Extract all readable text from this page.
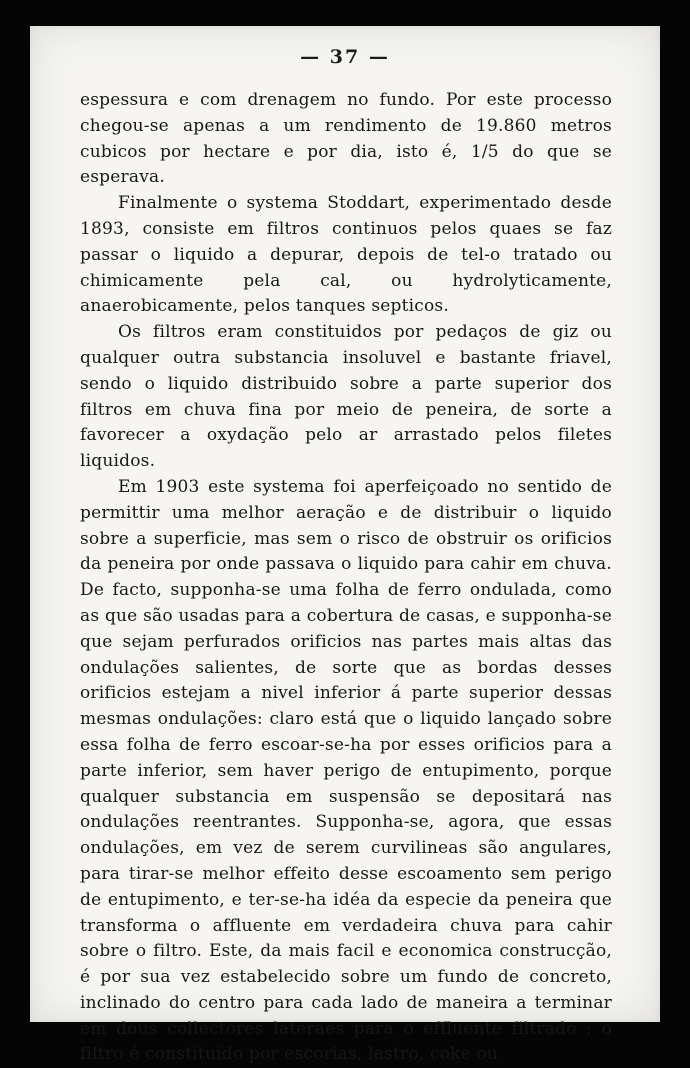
— 37 —

espessura e com drenagem no fundo. Por este processo chegou-se apenas a um rendimento de 19.860 metros cubicos por hectare e por dia, isto é, 1/5 do que se esperava.

Finalmente o systema Stoddart, experimentado desde 1893, consiste em filtros continuos pelos quaes se faz passar o liquido a depurar, depois de tel-o tratado ou chimicamente pela cal, ou hydrolyticamente, anaerobicamente, pelos tanques septicos.

Os filtros eram constituidos por pedaços de giz ou qualquer outra substancia insoluvel e bastante friavel, sendo o liquido distribuido sobre a parte superior dos filtros em chuva fina por meio de peneira, de sorte a favorecer a oxydação pelo ar arrastado pelos filetes liquidos.

Em 1903 este systema foi aperfeiçoado no sentido de permittir uma melhor aeração e de distribuir o liquido sobre a superficie, mas sem o risco de obstruir os orificios da peneira por onde passava o liquido para cahir em chuva. De facto, supponha-se uma folha de ferro ondulada, como as que são usadas para a cobertura de casas, e supponha-se que sejam perfurados orificios nas partes mais altas das ondulações salientes, de sorte que as bordas desses orificios estejam a nivel inferior á parte superior dessas mesmas ondulações: claro está que o liquido lançado sobre essa folha de ferro escoar-se-ha por esses orificios para a parte inferior, sem haver perigo de entupimento, porque qualquer substancia em suspensão se depositará nas ondulações reentrantes. Supponha-se, agora, que essas ondulações, em vez de serem curvilineas são angulares, para tirar-se melhor effeito desse escoamento sem perigo de entupimento, e ter-se-ha idéa da especie da peneira que transforma o affluente em verdadeira chuva para cahir sobre o filtro. Este, da mais facil e economica construcção, é por sua vez estabelecido sobre um fundo de concreto, inclinado do centro para cada lado de maneira a terminar em dous collectores lateraes para o effluente filtrado ; o filtro é constituido por escorias, lastro, coke ou
